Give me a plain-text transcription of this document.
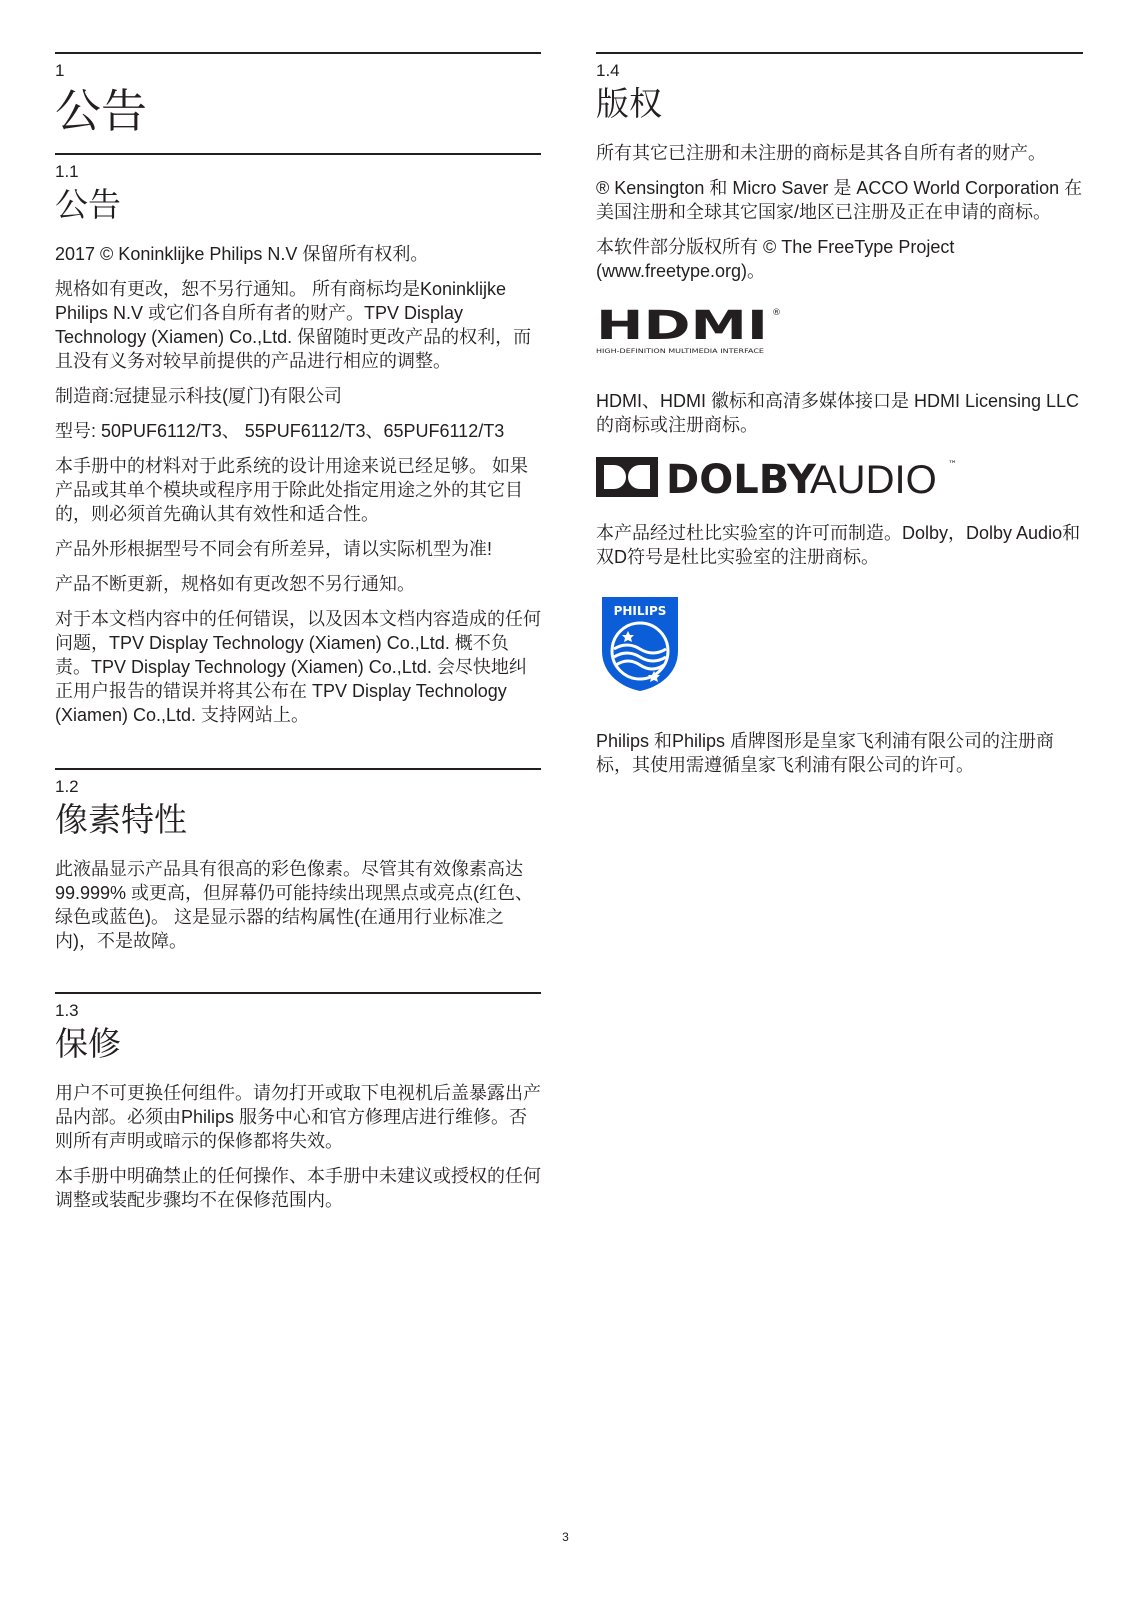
1
公告
1.1
公告

2017 © Koninklijke Philips N.V 保留所有权利。

规格如有更改，恕不另行通知。 所有商标均是Koninklijke Philips N.V 或它们各自所有者的财产。TPV Display Technology (Xiamen) Co.,Ltd. 保留随时更改产品的权利，而且没有义务对较早前提供的产品进行相应的调整。

制造商:冠捷显示科技(厦门)有限公司

型号: 50PUF6112/T3、 55PUF6112/T3、65PUF6112/T3

本手册中的材料对于此系统的设计用途来说已经足够。 如果产品或其单个模块或程序用于除此处指定用途之外的其它目的，则必须首先确认其有效性和适合性。

产品外形根据型号不同会有所差异，请以实际机型为准!

产品不断更新，规格如有更改恕不另行通知。

对于本文档内容中的任何错误，以及因本文档内容造成的任何问题，TPV Display Technology (Xiamen) Co.,Ltd. 概不负责。TPV Display Technology (Xiamen) Co.,Ltd. 会尽快地纠正用户报告的错误并将其公布在 TPV Display Technology (Xiamen) Co.,Ltd. 支持网站上。

1.2
像素特性

此液晶显示产品具有很高的彩色像素。尽管其有效像素高达 99.999% 或更高，但屏幕仍可能持续出现黑点或亮点(红色、绿色或蓝色)。 这是显示器的结构属性(在通用行业标准之内)，不是故障。

1.3
保修

用户不可更换任何组件。请勿打开或取下电视机后盖暴露出产品内部。必须由Philips 服务中心和官方修理店进行维修。否则所有声明或暗示的保修都将失效。

本手册中明确禁止的任何操作、本手册中未建议或授权的任何调整或装配步骤均不在保修范围内。

1.4
版权

所有其它已注册和未注册的商标是其各自所有者的财产。

® Kensington 和 Micro Saver 是 ACCO World Corporation 在美国注册和全球其它国家/地区已注册及正在申请的商标。

本软件部分版权所有 © The FreeType Project (www.freetype.org)。

HDMI ®
HIGH-DEFINITION MULTIMEDIA INTERFACE

HDMI、HDMI 徽标和高清多媒体接口是 HDMI Licensing LLC 的商标或注册商标。

DOLBY
AUDIO ™

本产品经过杜比实验室的许可而制造。Dolby，Dolby Audio和双D符号是杜比实验室的注册商标。

PHILIPS

Philips 和Philips 盾牌图形是皇家飞利浦有限公司的注册商标，其使用需遵循皇家飞利浦有限公司的许可。

3
